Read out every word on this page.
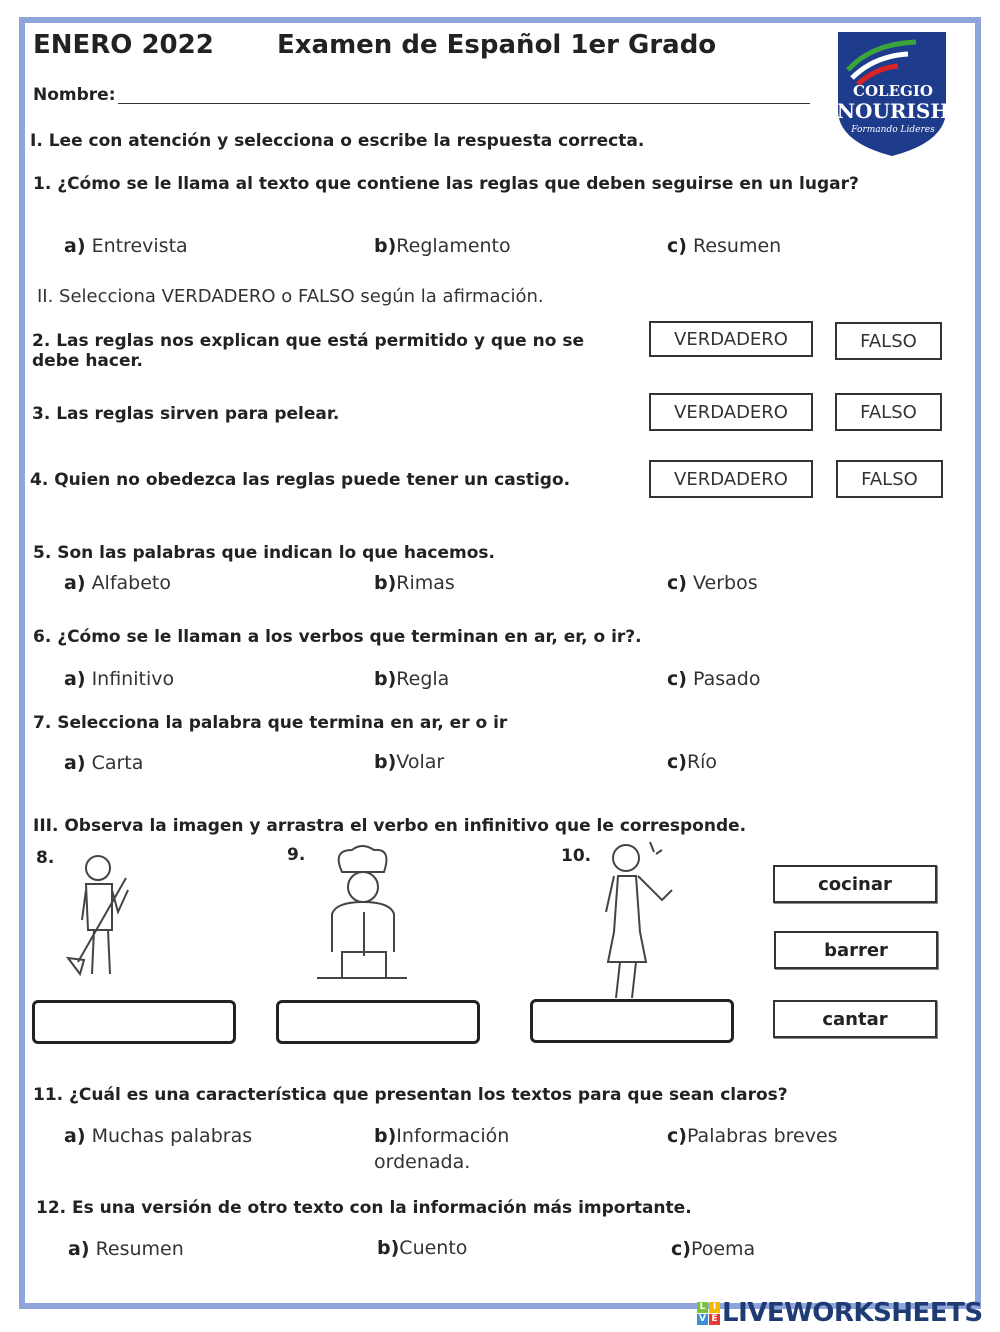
ENERO 2022 Examen de Español 1er Grado
Nombre:	COLEGIO
NOURISH
Formando Lideres
I. Lee con atención y selecciona o escribe la respuesta correcta.
1. ¿Cómo se le llama al texto que contiene las reglas que deben seguirse en un lugar?
a) Entrevista	b)Reglamento	c) Resumen
II. Selecciona VERDADERO o FALSO según la afirmación.
2. Las reglas nos explican que está permitido y que no se
debe hacer.
VERDADERO	FALSO
3. Las reglas sirven para pelear.	VERDADERO	FALSO
4. Quien no obedezca las reglas puede tener un castigo.	VERDADERO	FALSO
5. Son las palabras que indican lo que hacemos.
a) Alfabeto	b)Rimas	c) Verbos
6. ¿Cómo se le llaman a los verbos que terminan en ar, er, o ir?.
a) Infinitivo	b)Regla	c) Pasado
7. Selecciona la palabra que termina en ar, er o ir
a) Carta	b)Volar	c)Río
III. Observa la imagen y arrastra el verbo en infinitivo que le corresponde.
8.	9.	10.
cocinar
barrer
cantar
11. ¿Cuál es una característica que presentan los textos para que sean claros?
a) Muchas palabras	b)Información
ordenada.
c)Palabras breves
12. Es una versión de otro texto con la información más importante.
a) Resumen	b)Cuento	c)Poema
L I
V E LIVEWORKSHEETS
